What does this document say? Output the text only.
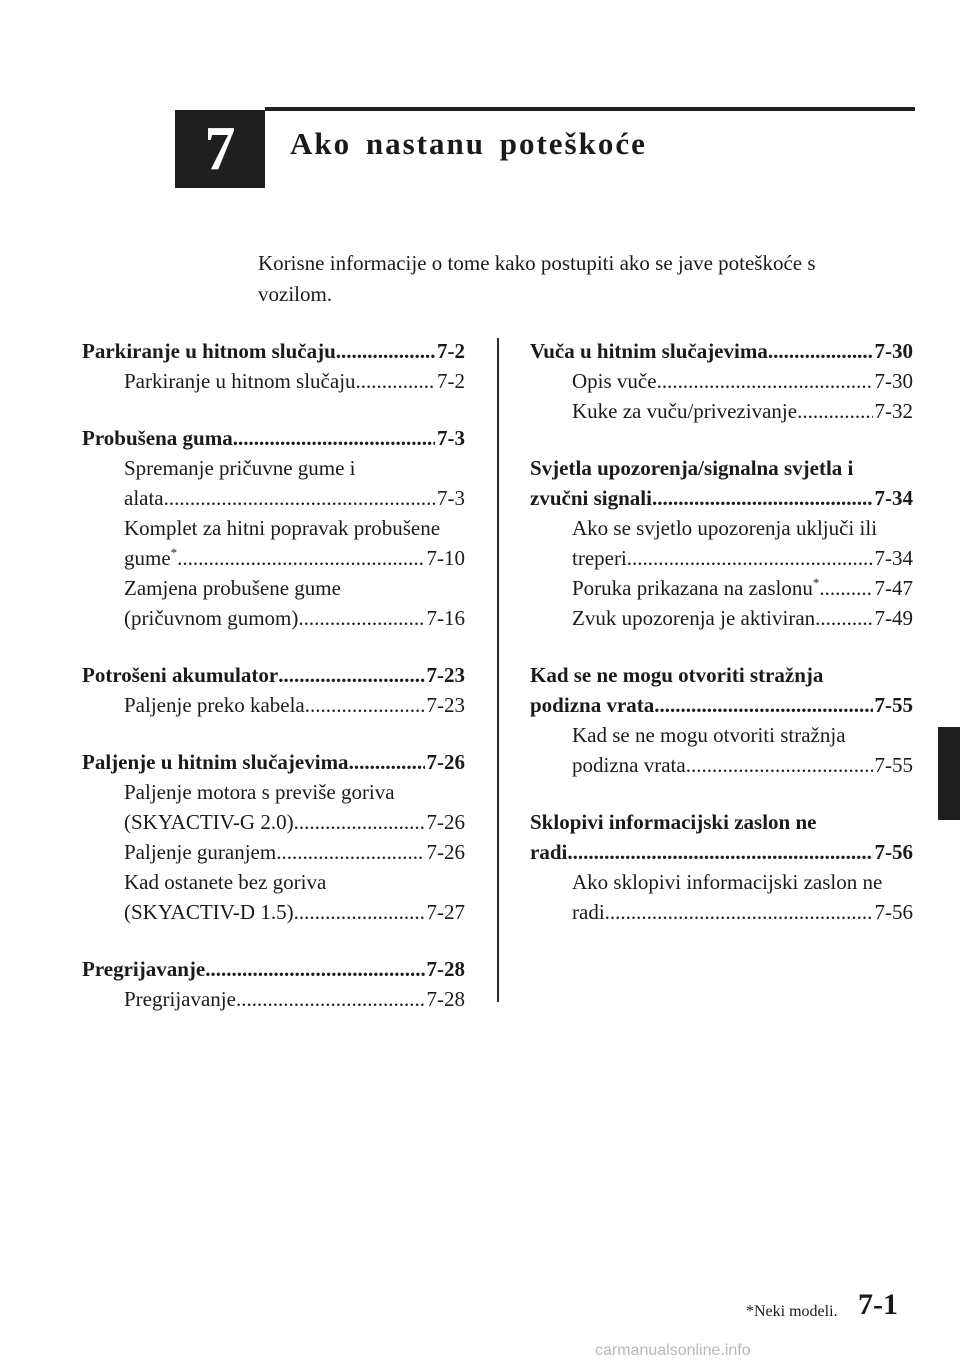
7	Ako nastanu poteškoće
Korisne informacije o tome kako postupiti ako se jave poteškoće s vozilom.
Parkiranje u hitnom slučaju .....	7-2
Parkiranje u hitnom slučaju .....	7-2
Probušena guma .....	7-3
Spremanje pričuvne gume i
alata .....	7-3
Komplet za hitni popravak probušene
gume* .....	7-10
Zamjena probušene gume
(pričuvnom gumom) .....	7-16
Potrošeni akumulator .....	7-23
Paljenje preko kabela .....	7-23
Paljenje u hitnim slučajevima .....	7-26
Paljenje motora s previše goriva
(SKYACTIV-G 2.0) .....	7-26
Paljenje guranjem .....	7-26
Kad ostanete bez goriva
(SKYACTIV-D 1.5) .....	7-27
Pregrijavanje .....	7-28
Pregrijavanje .....	7-28
Vuča u hitnim slučajevima .....	7-30
Opis vuče .....	7-30
Kuke za vuču/privezivanje .....	7-32
Svjetla upozorenja/signalna svjetla i
zvučni signali .....	7-34
Ako se svjetlo upozorenja uključi ili
treperi .....	7-34
Poruka prikazana na zaslonu* .....	7-47
Zvuk upozorenja je aktiviran .....	7-49
Kad se ne mogu otvoriti stražnja
podizna vrata .....	7-55
Kad se ne mogu otvoriti stražnja
podizna vrata .....	7-55
Sklopivi informacijski zaslon ne
radi .....	7-56
Ako sklopivi informacijski zaslon ne
radi .....	7-56
*Neki modeli. 7-1
carmanualsonline.info
